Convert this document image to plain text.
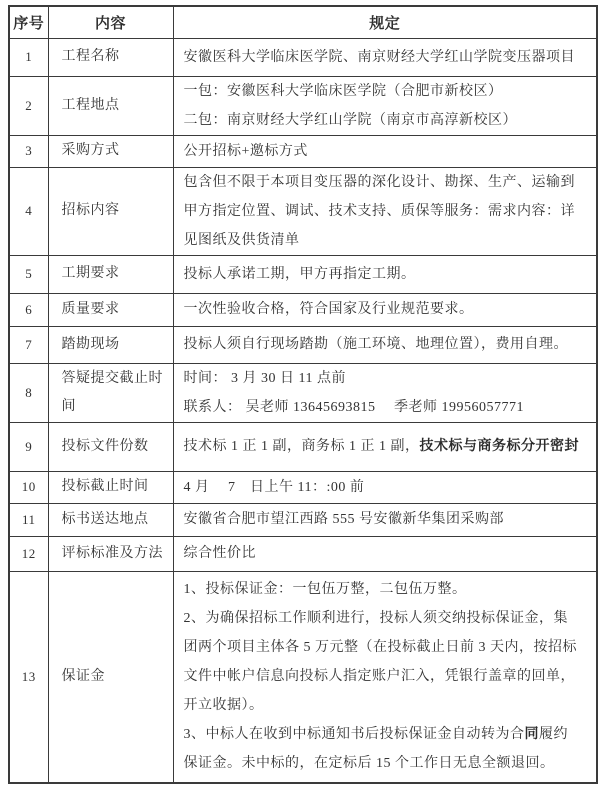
序号	内容	规定
1	工程名称	安徽医科大学临床医学院、南京财经大学红山学院变压器项目

2	工程地点	一包：安徽医科大学临床医学院（合肥市新校区）
二包：南京财经大学红山学院（南京市高淳新校区）

3	采购方式	公开招标+邀标方式

4	招标内容	包含但不限于本项目变压器的深化设计、勘探、生产、运输到
甲方指定位置、调试、技术支持、质保等服务：需求内容：详
见图纸及供货清单

5	工期要求	投标人承诺工期，甲方再指定工期。

6	质量要求	一次性验收合格，符合国家及行业规范要求。

7	踏勘现场	投标人须自行现场踏勘（施工环境、地理位置），费用自理。

8	答疑提交截止时间	时间： 3 月 30 日 11 点前
联系人： 吴老师 13645693815　 季老师 19956057771

9	投标文件份数	技术标 1 正 1 副，商务标 1 正 1 副，技术标与商务标分开密封

10	投标截止时间	4 月　 7　日上午 11：:00 前

11	标书送达地点	安徽省合肥市望江西路 555 号安徽新华集团采购部

12	评标标准及方法	综合性价比

13	保证金	
1、投标保证金：一包伍万整，二包伍万整。
2、为确保招标工作顺利进行，投标人须交纳投标保证金，集
团两个项目主体各 5 万元整（在投标截止日前 3 天内，按招标
文件中帐户信息向投标人指定账户汇入，凭银行盖章的回单，
开立收据）。
3、中标人在收到中标通知书后投标保证金自动转为合同履约
保证金。未中标的，在定标后 15 个工作日无息全额退回。
